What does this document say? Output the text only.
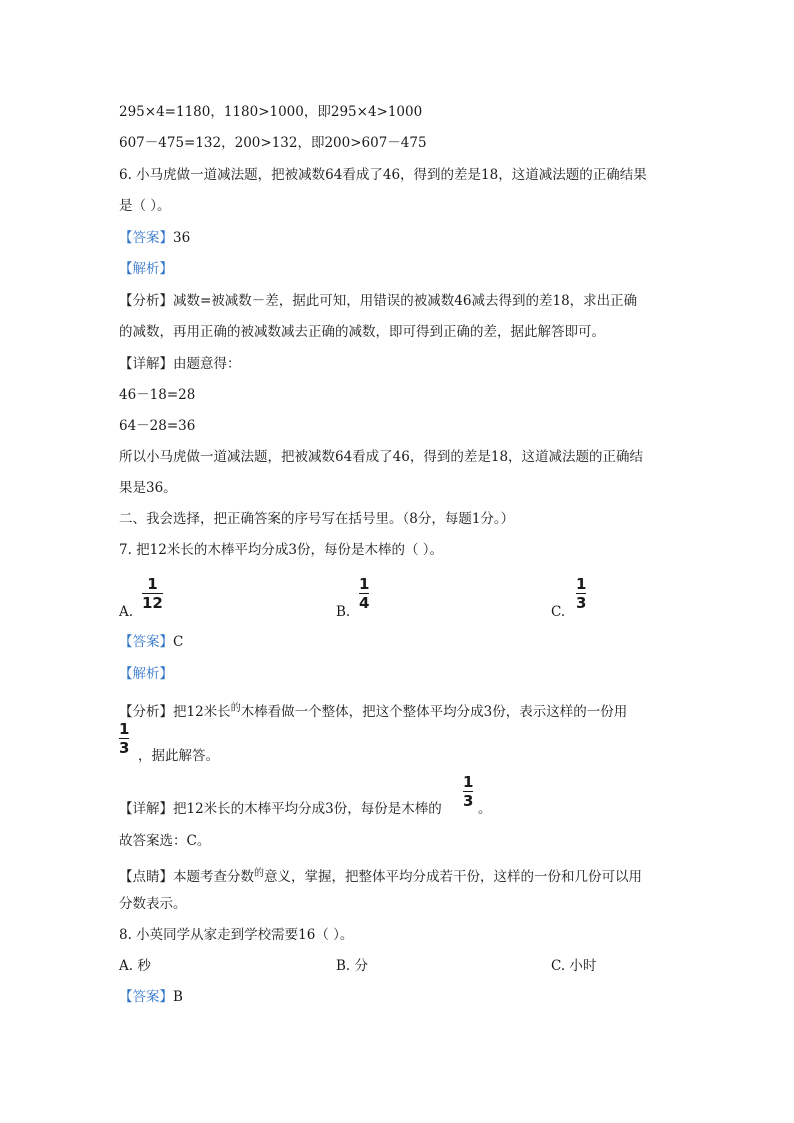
295×4=1180，1180>1000，即295×4>1000
607－475=132，200>132，即200>607－475
6. 小马虎做一道减法题，把被减数64看成了46，得到的差是18，这道减法题的正确结果
是（ ）。
【答案】36
【解析】
【分析】减数=被减数－差，据此可知，用错误的被减数46减去得到的差18，求出正确
的减数，再用正确的被减数减去正确的减数，即可得到正确的差，据此解答即可。
【详解】由题意得：
46－18=28
64－28=36
所以小马虎做一道减法题，把被减数64看成了46，得到的差是18，这道减法题的正确结
果是36。
二、我会选择，把正确答案的序号写在括号里。（8分，每题1分。）
7. 把12米长的木棒平均分成3份，每份是木棒的（ ）。
A.
1
12	B.
1
4	C.
1
3
【答案】C
【解析】
【分析】把12米长$^的$木棒看做一个整体，把这个整体平均分成3份，表示这样的一份用
1
3 ，据此解答。
【详解】把12米长的木棒平均分成3份，每份是木棒的
1
3 。
故答案选：C。
【点睛】本题考查分数$^的$意义，掌握，把整体平均分成若干份，这样的一份和几份可以用
分数表示。
8. 小英同学从家走到学校需要16（ ）。
A. 秒	B. 分	C. 小时
【答案】B
